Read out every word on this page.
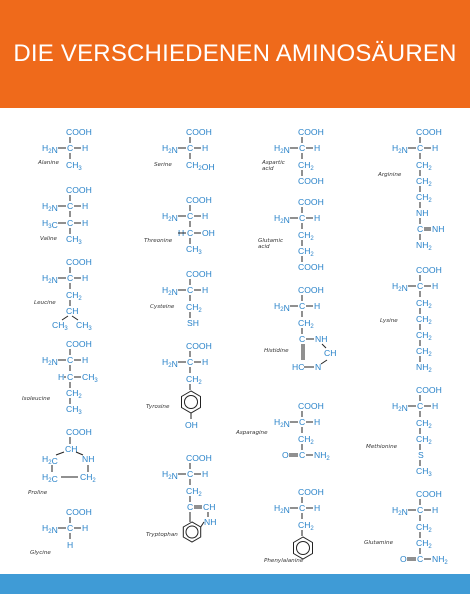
DIE VERSCHIEDENEN AMINOSÄUREN
COOH
$H_2N$ C H
$CH_3$
Alanine
COOH
$H_2N$ C H
$H_3C$ C H
$CH_3$
Valine
COOH
$H_2N$ C H
$CH_2$
CH
$CH_3$ $CH_3$
Leucine
COOH
$H_2N$ C H
H C $CH_3$
$CH_2$
$CH_3$
Isoleucine
COOH
CH
$H_2C$	NH
$H_2C$	$CH_2$
Proline
COOH
$H_2N$ C H
H
Glycine
COOH
$H_2N$ C H
$CH_2OH$
Serine
COOH
$H_2N$ C H
H C OH
$CH_3$
Threonine
COOH
$H_2N$ C H
$CH_2$
SH
Cysteine
COOH
$H_2N$ C H
$CH_2$
OH
Tyrosine
COOH
$H_2N$ C H
$CH_2$
C CH
NH
Tryptophan
COOH
$H_2N$ C H
$CH_2$
COOH
Aspartic acid
COOH
$H_2N$ C H
$CH_2$
$CH_2$
COOH
Glutamic acid
COOH
$H_2N$ C H
$CH_2$
C NH
CH
HC N
Histidine
COOH
$H_2N$ C H
$CH_2$
O C $NH_2$
Asparagine
COOH
$H_2N$ C H
$CH_2$
Phenylalanine
COOH
$H_2N$ C H
$CH_2$
$CH_2$
$CH_2$
NH
C NH
$NH_2$
Arginine
COOH
$H_2N$ C H
$CH_2$
$CH_2$
$CH_2$
$CH_2$
$NH_2$
Lysine
COOH
$H_2N$ C H
$CH_2$
$CH_2$
S
$CH_3$
Methionine
COOH
$H_2N$ C H
$CH_2$
$CH_2$
O C $NH_2$
Glutamine
